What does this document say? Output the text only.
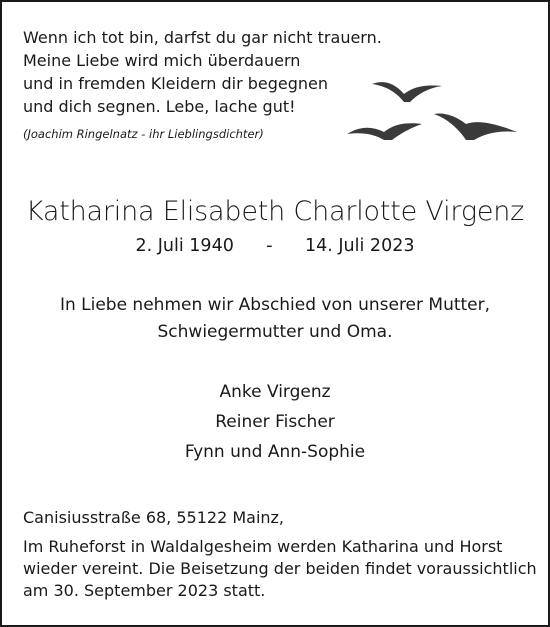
Wenn ich tot bin, darfst du gar nicht trauern.
Meine Liebe wird mich überdauern
und in fremden Kleidern dir begegnen
und dich segnen. Lebe, lache gut!
(Joachim Ringelnatz - ihr Lieblingsdichter)
Katharina Elisabeth Charlotte Virgenz
2. Juli 1940 - 14. Juli 2023
In Liebe nehmen wir Abschied von unserer Mutter,
Schwiegermutter und Oma.
Anke Virgenz
Reiner Fischer
Fynn und Ann-Sophie
Canisiusstraße 68, 55122 Mainz,
Im Ruheforst in Waldalgesheim werden Katharina und Horst
wieder vereint. Die Beisetzung der beiden findet voraussichtlich
am 30. September 2023 statt.
